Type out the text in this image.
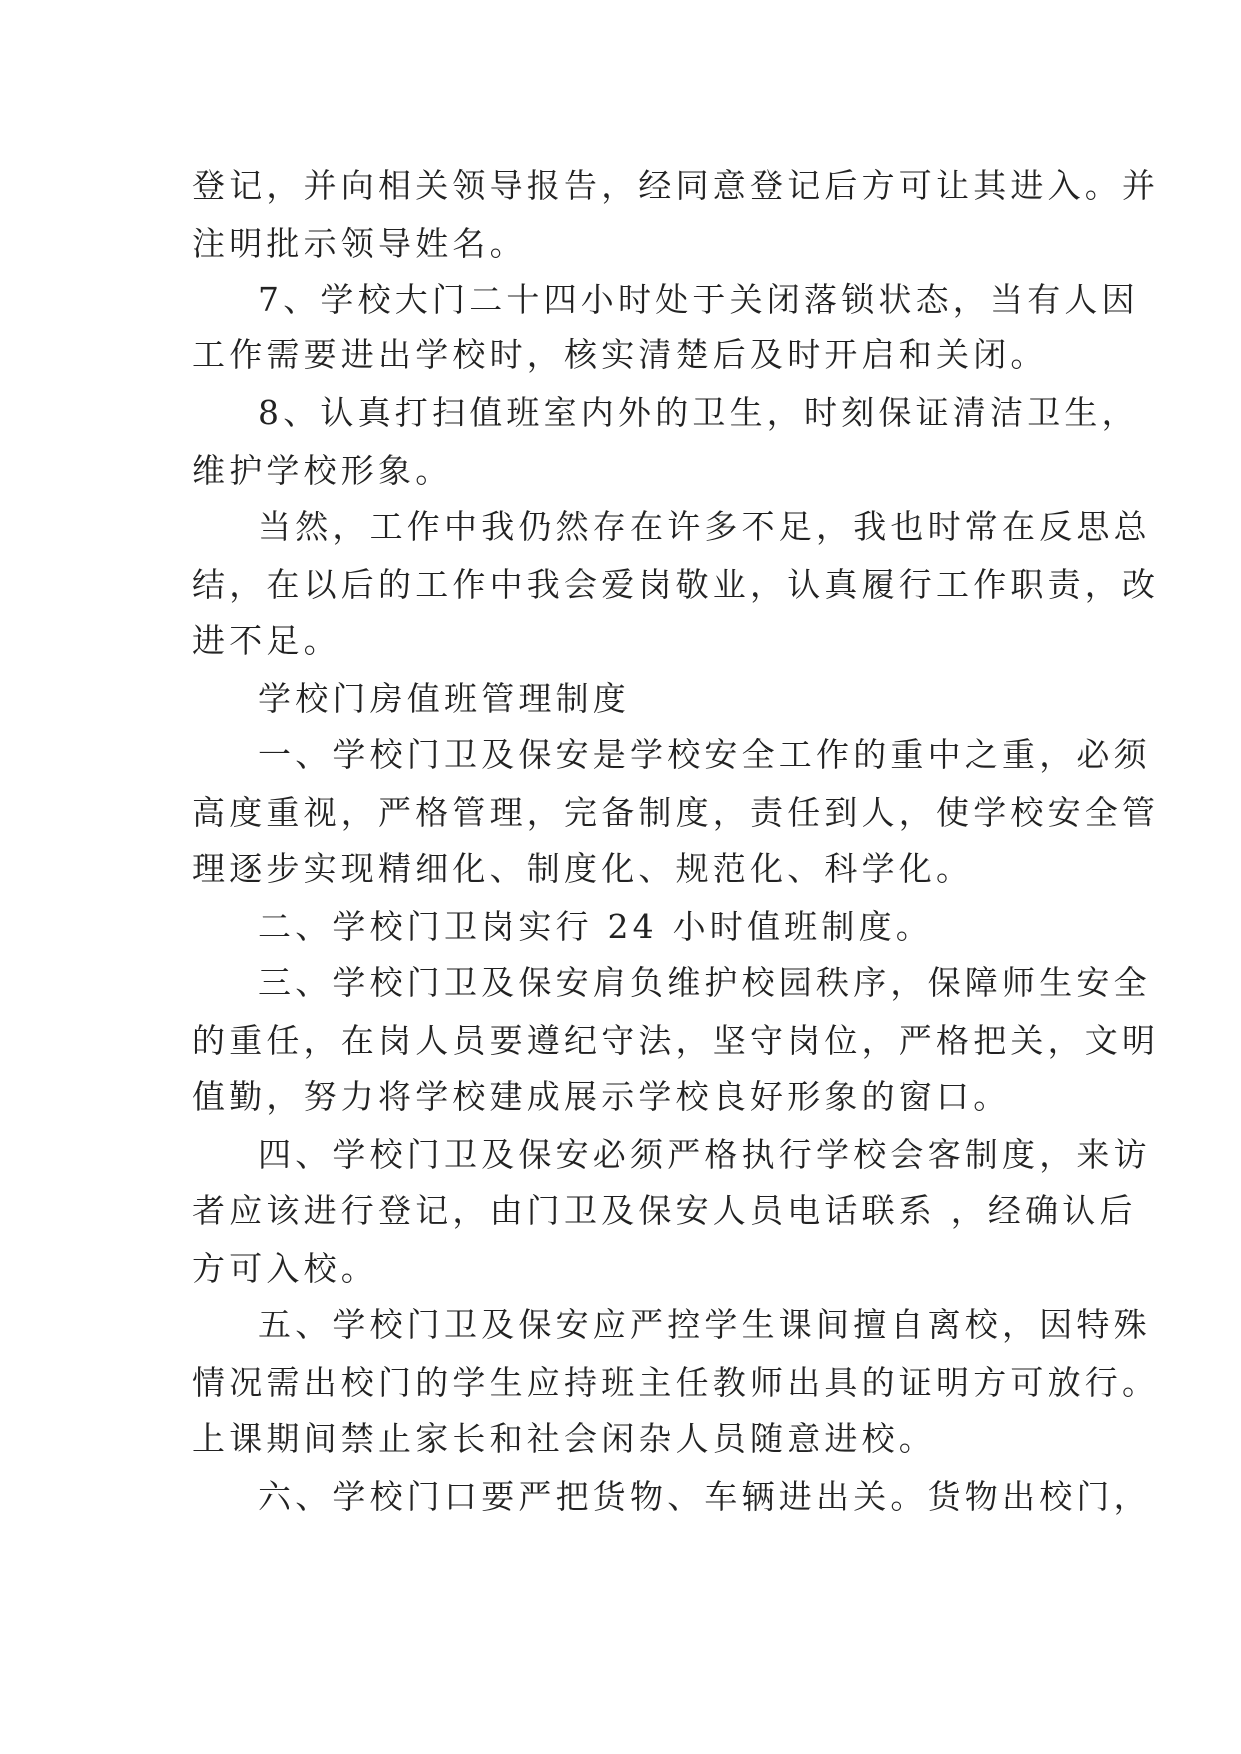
登记，并向相关领导报告，经同意登记后方可让其进入。并
注明批示领导姓名。
7、学校大门二十四小时处于关闭落锁状态，当有人因
工作需要进出学校时，核实清楚后及时开启和关闭。
8、认真打扫值班室内外的卫生，时刻保证清洁卫生，
维护学校形象。
当然，工作中我仍然存在许多不足，我也时常在反思总
结，在以后的工作中我会爱岗敬业，认真履行工作职责，改
进不足。
学校门房值班管理制度
一、学校门卫及保安是学校安全工作的重中之重，必须
高度重视，严格管理，完备制度，责任到人，使学校安全管
理逐步实现精细化、制度化、规范化、科学化。
二、学校门卫岗实行 24 小时值班制度。
三、学校门卫及保安肩负维护校园秩序，保障师生安全
的重任，在岗人员要遵纪守法，坚守岗位，严格把关，文明
值勤，努力将学校建成展示学校良好形象的窗口。
四、学校门卫及保安必须严格执行学校会客制度，来访
者应该进行登记，由门卫及保安人员电话联系 ，经确认后
方可入校。
五、学校门卫及保安应严控学生课间擅自离校，因特殊
情况需出校门的学生应持班主任教师出具的证明方可放行。
上课期间禁止家长和社会闲杂人员随意进校。
六、学校门口要严把货物、车辆进出关。货物出校门，
